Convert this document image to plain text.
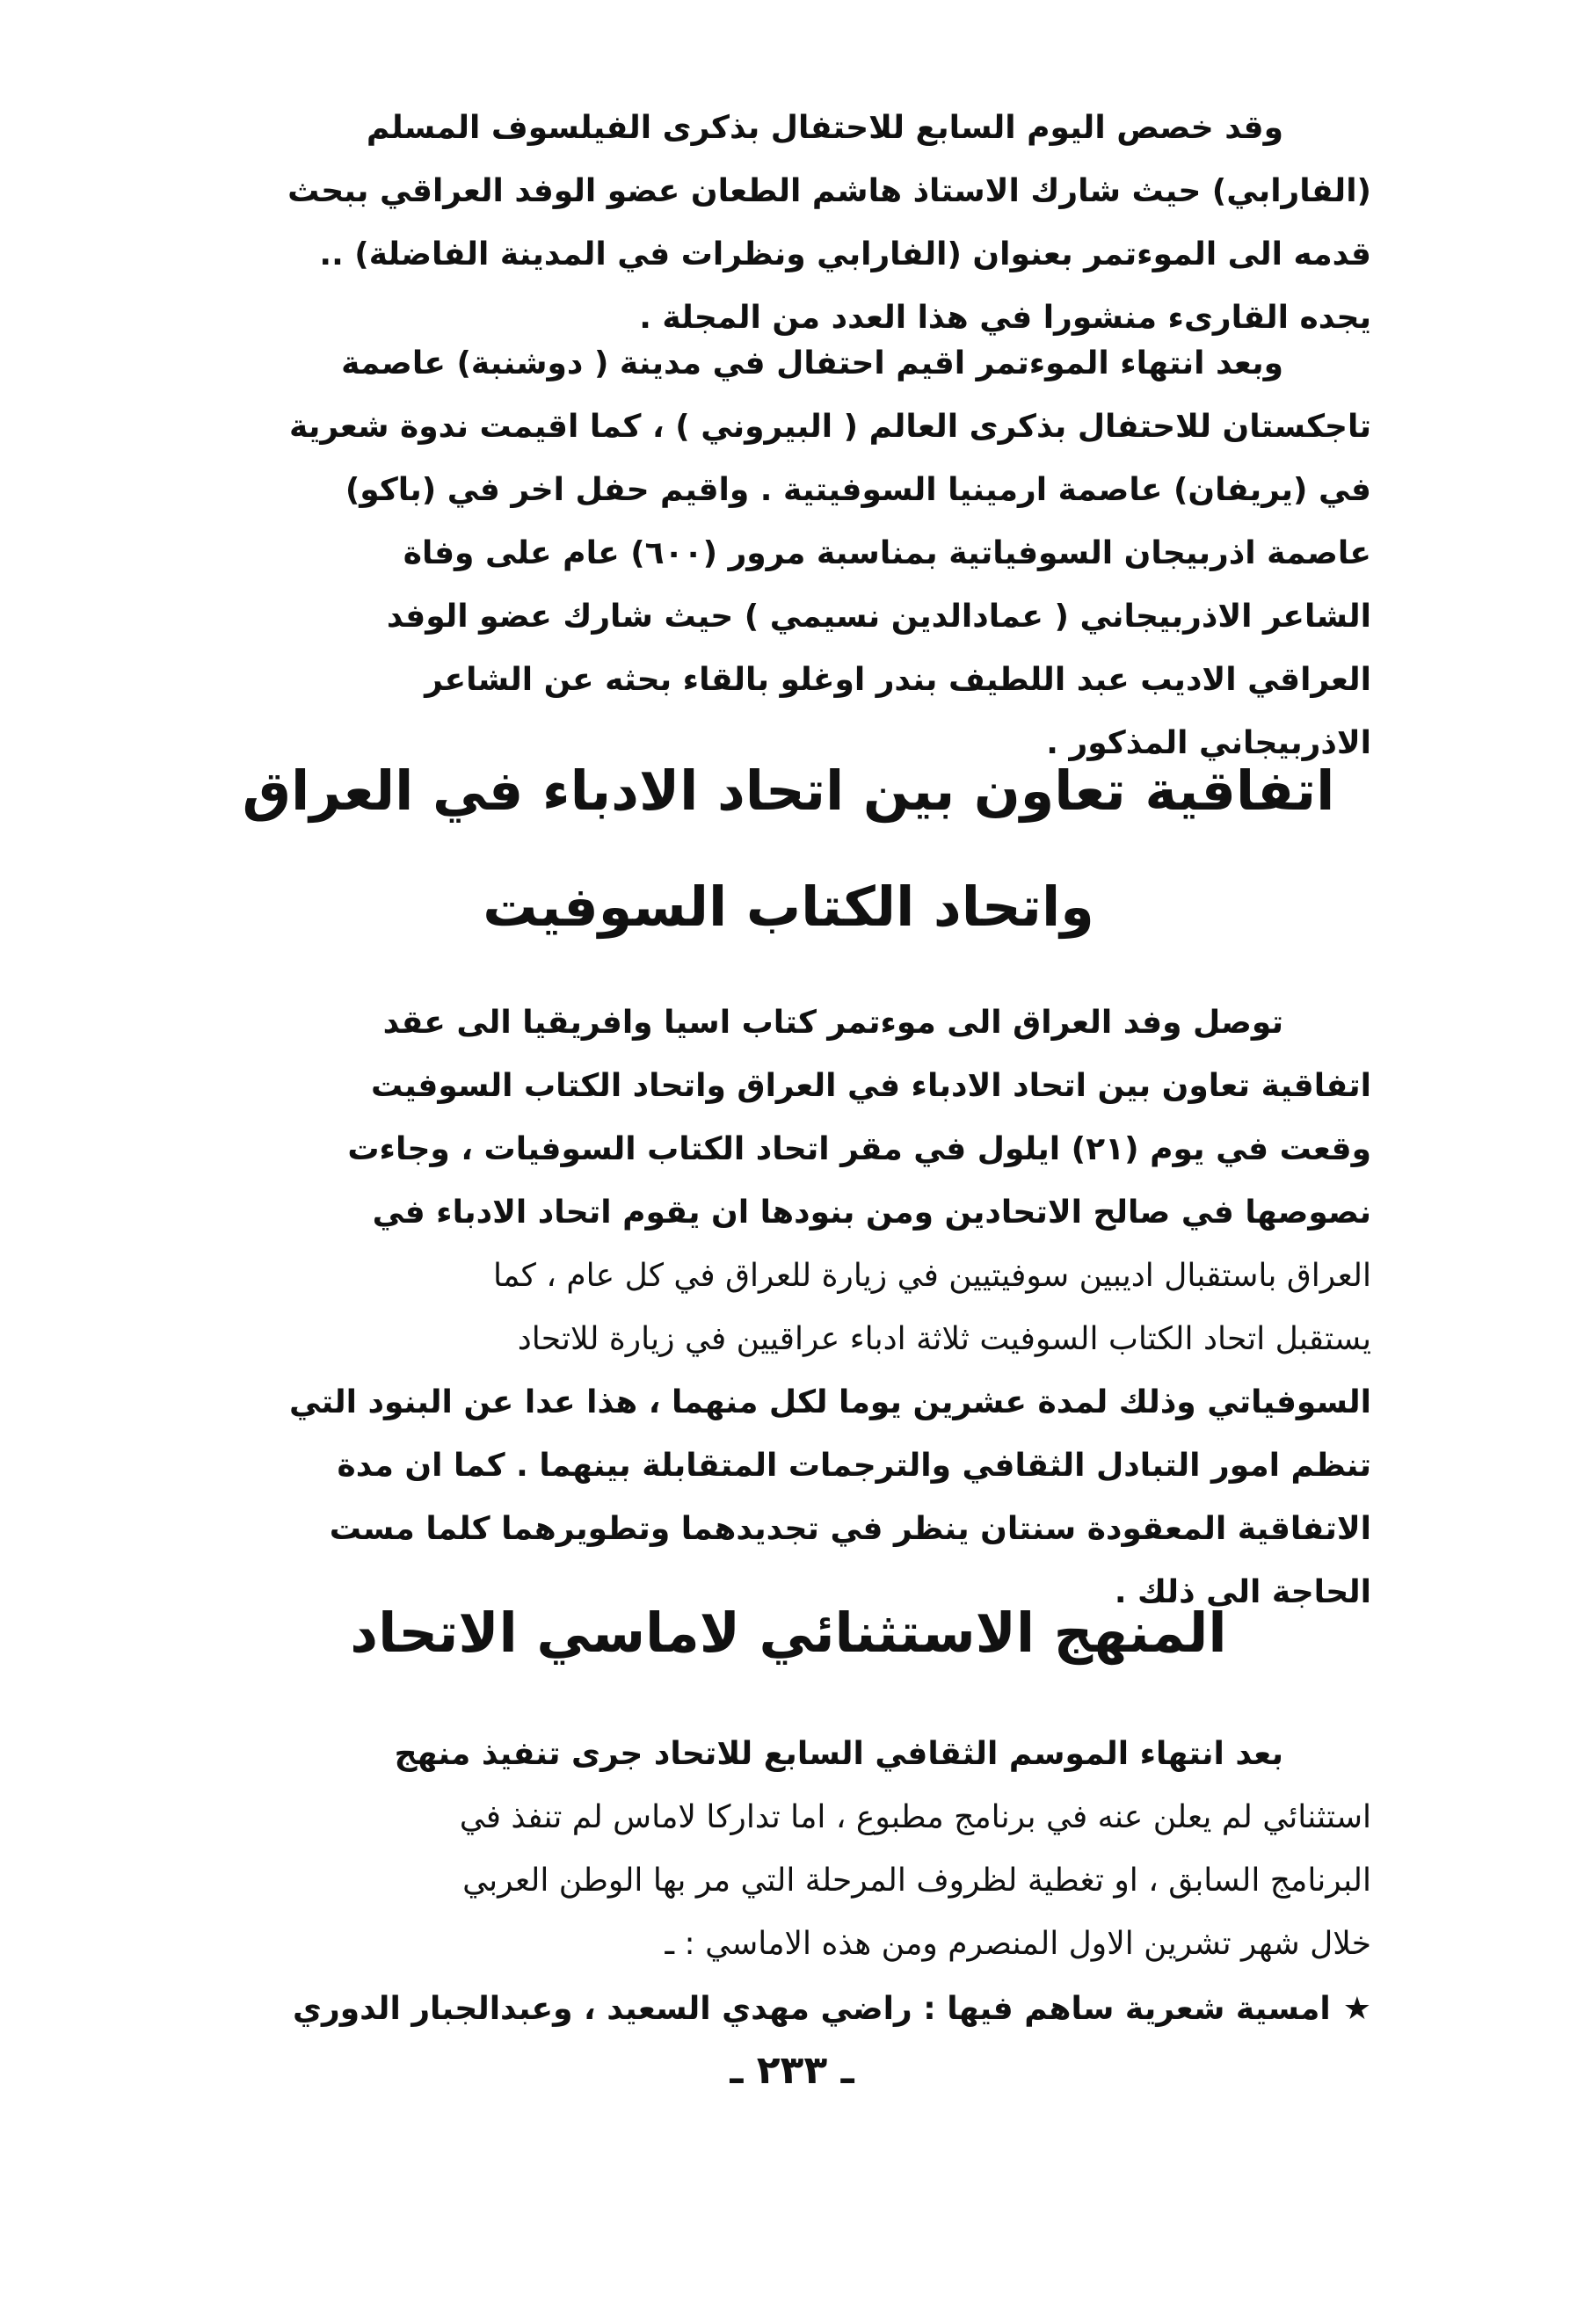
وقد خصص اليوم السابع للاحتفال بذكرى الفيلسوف المسلم
(الفارابي) حيث شارك الاستاذ هاشم الطعان عضو الوفد العراقي ببحث
قدمه الى الموءتمر بعنوان (الفارابي ونظرات في المدينة الفاضلة) ..
يجده القارىء منشورا في هذا العدد من المجلة .
وبعد انتهاء الموءتمر اقيم احتفال في مدينة ( دوشنبة) عاصمة
تاجكستان للاحتفال بذكرى العالم ( البيروني ) ، كما اقيمت ندوة شعرية
في (يريفان) عاصمة ارمينيا السوفيتية . واقيم حفل اخر في (باكو)
عاصمة اذربيجان السوفياتية بمناسبة مرور (٦٠٠) عام على وفاة
الشاعر الاذربيجاني ( عمادالدين نسيمي ) حيث شارك عضو الوفد
العراقي الاديب عبد اللطيف بندر اوغلو بالقاء بحثه عن الشاعر
الاذربيجاني المذكور .
اتفاقية تعاون بين اتحاد الادباء في العراق
واتحاد الكتاب السوفيت
توصل وفد العراق الى موءتمر كتاب اسيا وافريقيا الى عقد
اتفاقية تعاون بين اتحاد الادباء في العراق واتحاد الكتاب السوفيت
وقعت في يوم (٢١) ايلول في مقر اتحاد الكتاب السوفيات ، وجاءت
نصوصها في صالح الاتحادين ومن بنودها ان يقوم اتحاد الادباء في
العراق باستقبال اديبين سوفيتيين في زيارة للعراق في كل عام ، كما
يستقبل اتحاد الكتاب السوفيت ثلاثة ادباء عراقيين في زيارة للاتحاد
السوفياتي وذلك لمدة عشرين يوما لكل منهما ، هذا عدا عن البنود التي
تنظم امور التبادل الثقافي والترجمات المتقابلة بينهما . كما ان مدة
الاتفاقية المعقودة سنتان ينظر في تجديدهما وتطويرهما كلما مست
الحاجة الى ذلك .
المنهج الاستثنائي لاماسي الاتحاد
بعد انتهاء الموسم الثقافي السابع للاتحاد جرى تنفيذ منهج
استثنائي لم يعلن عنه في برنامج مطبوع ، اما تداركا لاماس لم تنفذ في
البرنامج السابق ، او تغطية لظروف المرحلة التي مر بها الوطن العربي
خلال شهر تشرين الاول المنصرم ومن هذه الاماسي : ـ
★امسية شعرية ساهم فيها : راضي مهدي السعيد ، وعبدالجبار الدوري
ـ ٢٣٣ ـ
